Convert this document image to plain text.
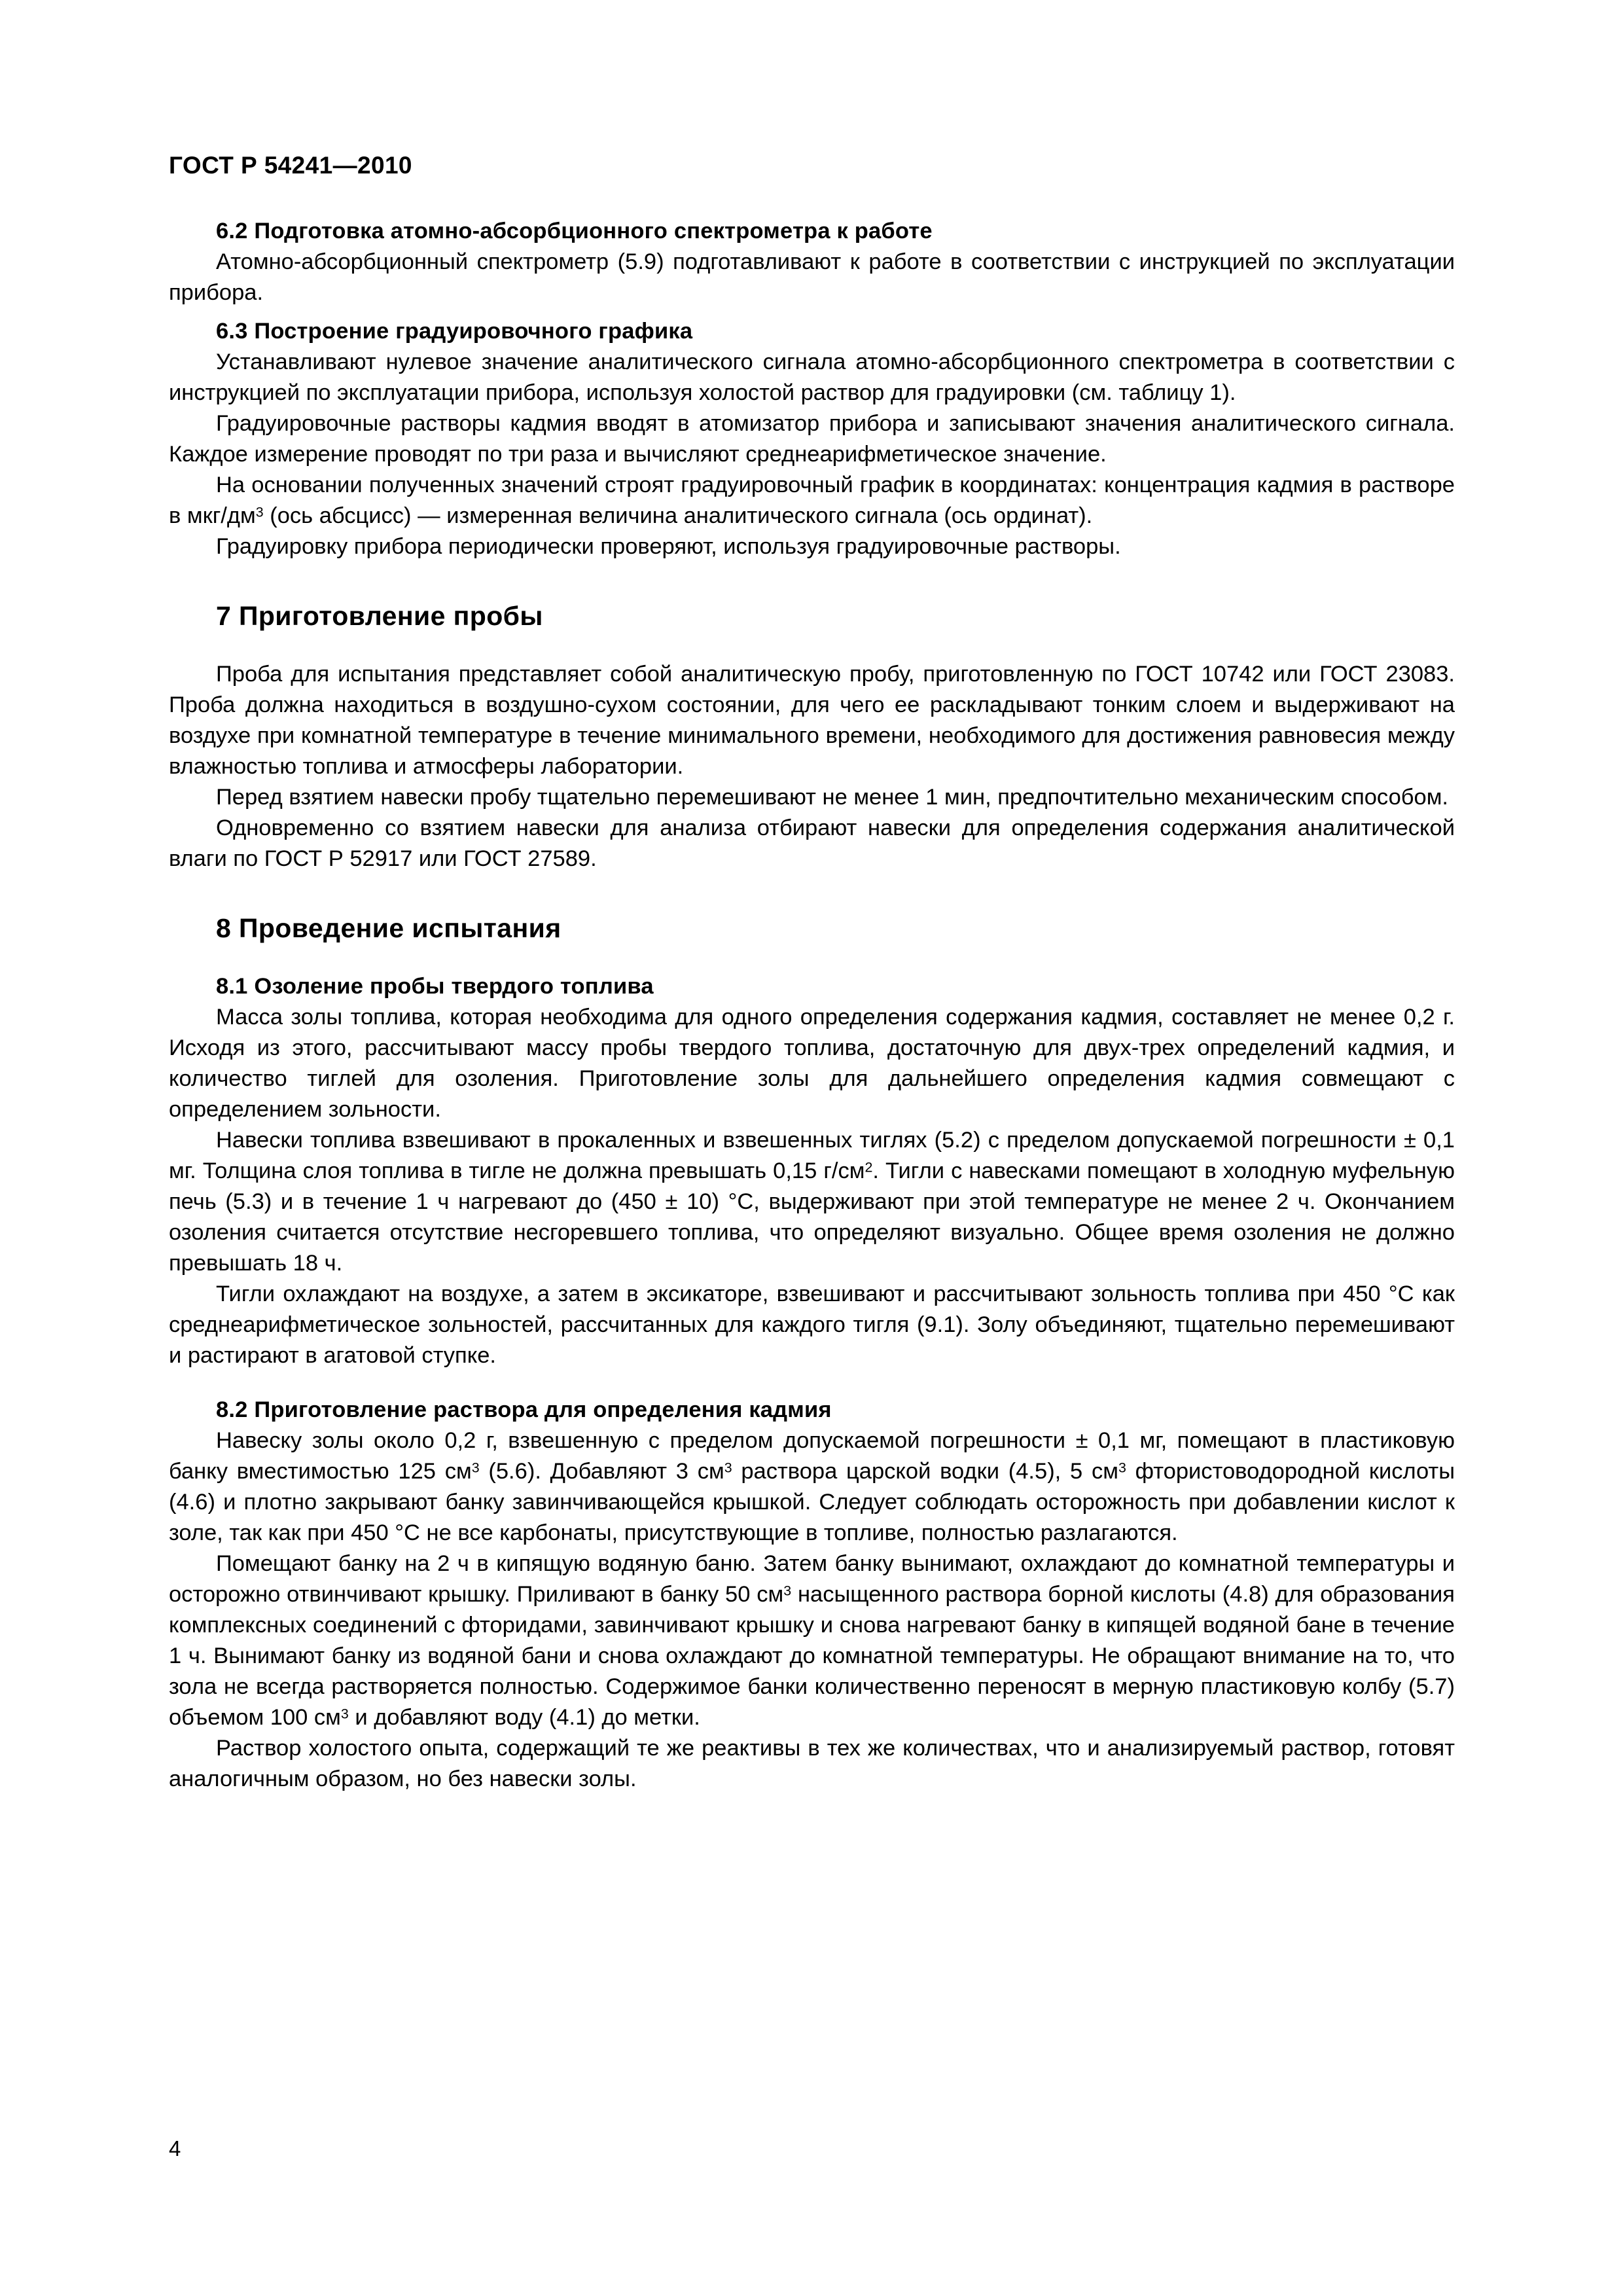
ГОСТ Р 54241—2010
6.2 Подготовка атомно-абсорбционного спектрометра к работе

Атомно-абсорбционный спектрометр (5.9) подготавливают к работе в соответствии с инструкцией по эксплуатации прибора.

6.3 Построение градуировочного графика

Устанавливают нулевое значение аналитического сигнала атомно-абсорбционного спектрометра в соответствии с инструкцией по эксплуатации прибора, используя холостой раствор для градуировки (см. таблицу 1).

Градуировочные растворы кадмия вводят в атомизатор прибора и записывают значения аналитического сигнала. Каждое измерение проводят по три раза и вычисляют среднеарифметическое значение.

На основании полученных значений строят градуировочный график в координатах: концентрация кадмия в растворе в мкг/$дм^3$ (ось абсцисс) — измеренная величина аналитического сигнала (ось ординат).

Градуировку прибора периодически проверяют, используя градуировочные растворы.

7 Приготовление пробы

Проба для испытания представляет собой аналитическую пробу, приготовленную по ГОСТ 10742 или ГОСТ 23083. Проба должна находиться в воздушно-сухом состоянии, для чего ее раскладывают тонким слоем и выдерживают на воздухе при комнатной температуре в течение минимального времени, необходимого для достижения равновесия между влажностью топлива и атмосферы лаборатории.

Перед взятием навески пробу тщательно перемешивают не менее 1 мин, предпочтительно механическим способом.

Одновременно со взятием навески для анализа отбирают навески для определения содержания аналитической влаги по ГОСТ Р 52917 или ГОСТ 27589.

8 Проведение испытания
8.1 Озоление пробы твердого топлива

Масса золы топлива, которая необходима для одного определения содержания кадмия, составляет не менее 0,2 г. Исходя из этого, рассчитывают массу пробы твердого топлива, достаточную для двух-трех определений кадмия, и количество тиглей для озоления. Приготовление золы для дальнейшего определения кадмия совмещают с определением зольности.

Навески топлива взвешивают в прокаленных и взвешенных тиглях (5.2) с пределом допускаемой погрешности ± 0,1 мг. Толщина слоя топлива в тигле не должна превышать 0,15 $г/см^2$. Тигли с навесками помещают в холодную муфельную печь (5.3) и в течение 1 ч нагревают до (450 ± 10) °С, выдерживают при этой температуре не менее 2 ч. Окончанием озоления считается отсутствие несгоревшего топлива, что определяют визуально. Общее время озоления не должно превышать 18 ч.

Тигли охлаждают на воздухе, а затем в эксикаторе, взвешивают и рассчитывают зольность топлива при 450 °С как среднеарифметическое зольностей, рассчитанных для каждого тигля (9.1). Золу объединяют, тщательно перемешивают и растирают в агатовой ступке.

8.2 Приготовление раствора для определения кадмия

Навеску золы около 0,2 г, взвешенную с пределом допускаемой погрешности ± 0,1 мг, помещают в пластиковую банку вместимостью 125 $см^3$ (5.6). Добавляют 3 $см^3$ раствора царской водки (4.5), 5 $см^3$ фтористоводородной кислоты (4.6) и плотно закрывают банку завинчивающейся крышкой. Следует соблюдать осторожность при добавлении кислот к золе, так как при 450 °С не все карбонаты, присутствующие в топливе, полностью разлагаются.

Помещают банку на 2 ч в кипящую водяную баню. Затем банку вынимают, охлаждают до комнатной температуры и осторожно отвинчивают крышку. Приливают в банку 50 $см^3$ насыщенного раствора борной кислоты (4.8) для образования комплексных соединений с фторидами, завинчивают крышку и снова нагревают банку в кипящей водяной бане в течение 1 ч. Вынимают банку из водяной бани и снова охлаждают до комнатной температуры. Не обращают внимание на то, что зола не всегда растворяется полностью. Содержимое банки количественно переносят в мерную пластиковую колбу (5.7) объемом 100 $см^3$ и добавляют воду (4.1) до метки.

Раствор холостого опыта, содержащий те же реактивы в тех же количествах, что и анализируемый раствор, готовят аналогичным образом, но без навески золы.

4
